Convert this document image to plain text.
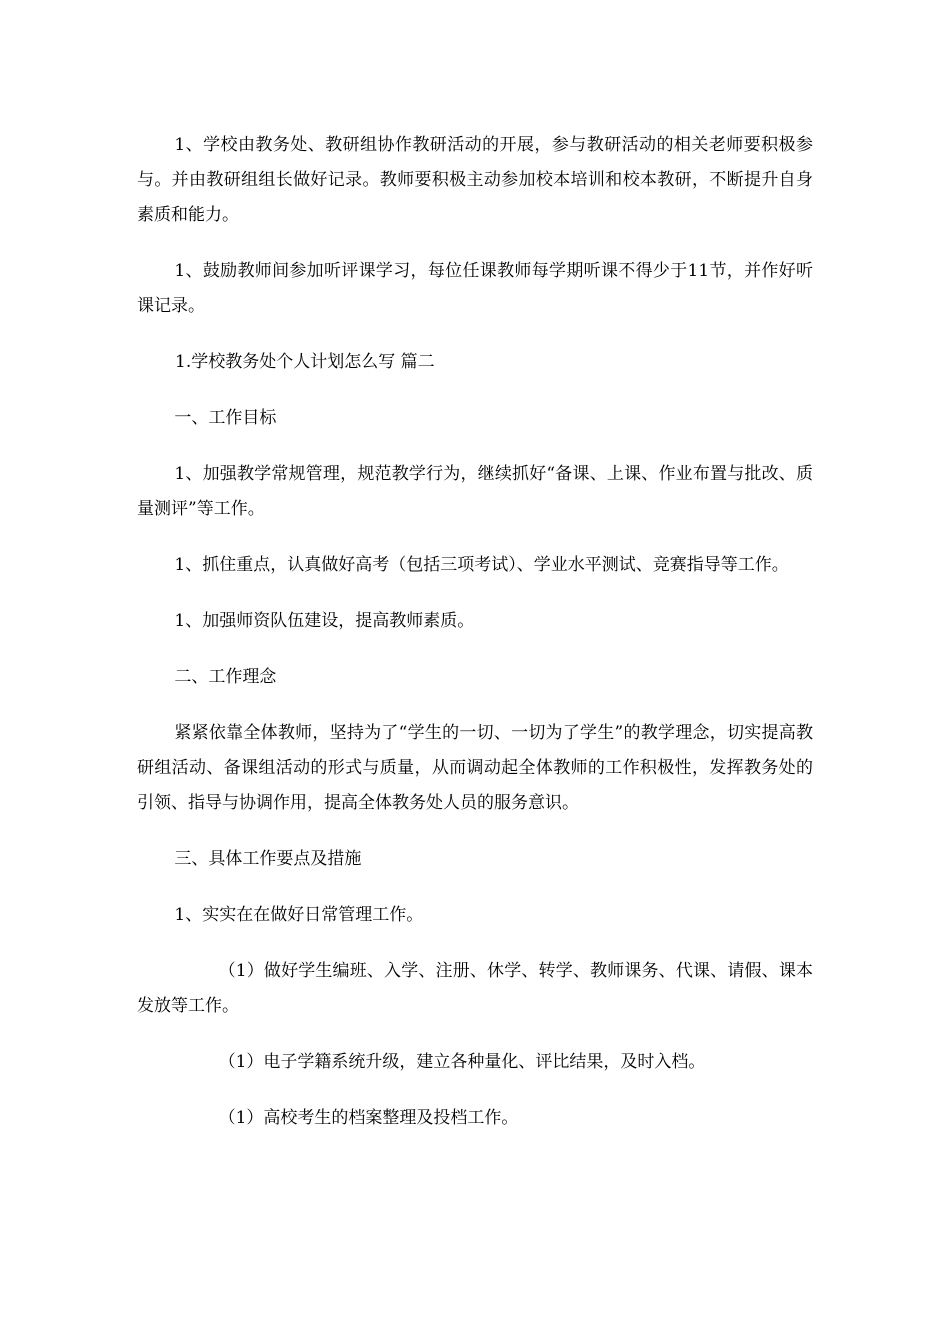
1、学校由教务处、教研组协作教研活动的开展，参与教研活动的相关老师要积极参与。并由教研组组长做好记录。教师要积极主动参加校本培训和校本教研，不断提升自身素质和能力。

1、鼓励教师间参加听评课学习，每位任课教师每学期听课不得少于11节，并作好听课记录。

1.学校教务处个人计划怎么写 篇二

一、工作目标

1、加强教学常规管理，规范教学行为，继续抓好“备课、上课、作业布置与批改、质量测评”等工作。

1、抓住重点，认真做好高考（包括三项考试）、学业水平测试、竞赛指导等工作。

1、加强师资队伍建设，提高教师素质。

二、工作理念

紧紧依靠全体教师，坚持为了“学生的一切、一切为了学生”的教学理念，切实提高教研组活动、备课组活动的形式与质量，从而调动起全体教师的工作积极性，发挥教务处的引领、指导与协调作用，提高全体教务处人员的服务意识。

三、具体工作要点及措施

1、实实在在做好日常管理工作。

（1）做好学生编班、入学、注册、休学、转学、教师课务、代课、请假、课本发放等工作。

（1）电子学籍系统升级，建立各种量化、评比结果，及时入档。

（1）高校考生的档案整理及投档工作。
